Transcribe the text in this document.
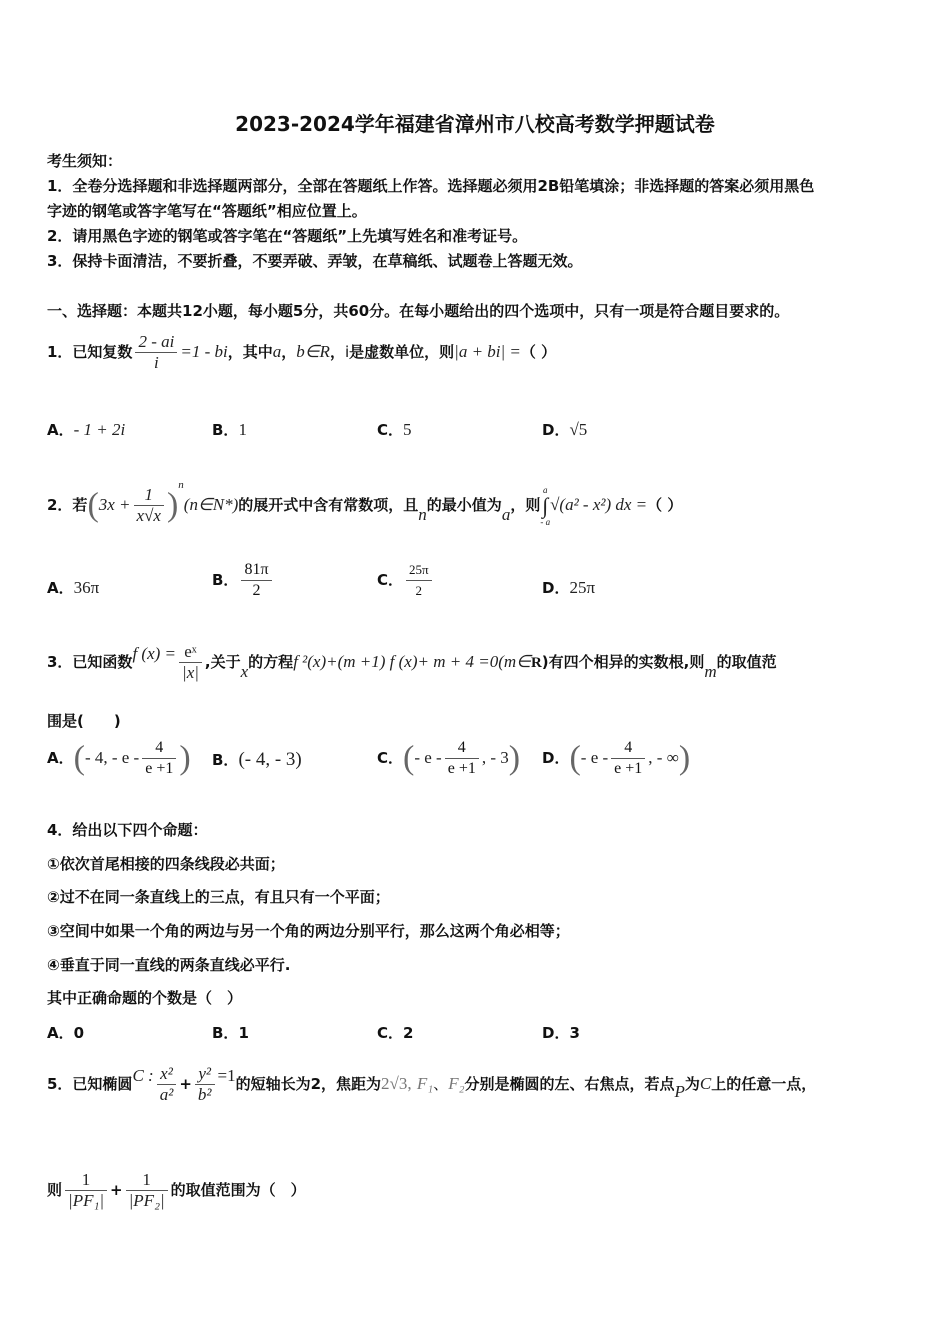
2023-2024学年福建省漳州市八校高考数学押题试卷
考生须知：
1．全卷分选择题和非选择题两部分，全部在答题纸上作答。选择题必须用2B铅笔填涂；非选择题的答案必须用黑色
字迹的钢笔或答字笔写在“答题纸”相应位置上。
2．请用黑色字迹的钢笔或答字笔在“答题纸”上先填写姓名和准考证号。
3．保持卡面清洁，不要折叠，不要弄破、弄皱，在草稿纸、试题卷上答题无效。
一、选择题：本题共12小题，每小题5分，共60分。在每小题给出的四个选项中，只有一项是符合题目要求的。
1．已知复数 $\frac{2 - ai}{i} =1$ - bi，其中a，b∈R，i是虚数单位，则|a + bi| =（ ）
A．- 1 + 2i	B．1	C．5	D．√5
2．若($3x + \frac{1}{x√x}$ )$^n(n\in N*)$的展开式中含有常数项，且n的最小值为a，则
a
∫
- a
√(a² - x²) dx =（ ）
A．36π	B． $\frac{81\pi}{2}$	C． $\frac{25\pi}{2}$	D．25π
3．已知函数f $(x) = \frac{\text{eˣ}}{|x|}$ ,关于x的方程f ²(x)+(m +1) f (x)+ m + 4 =0(m∈R)有四个相异的实数根,则m的取值范
围是(　　)
A．(- 4, - e - $\frac{4}{e +1}$ ) B．(- 4, - 3)	C．(- e - $\frac{4}{e +1}$ , - 3) D．(- e - $\frac{4}{e +1}$ , - ∞)
4．给出以下四个命题：
①依次首尾相接的四条线段必共面；
②过不在同一条直线上的三点，有且只有一个平面；
③空间中如果一个角的两边与另一个角的两边分别平行，那么这两个角必相等；
④垂直于同一直线的两条直线必平行.
其中正确命题的个数是（　）
A．0	B．1	C．2	D．3
5．已知椭圆C : $\frac{\text{x²}}{\text{a²}} + \frac{\text{y²}}{\text{b²}} =1$的短轴长为2，焦距为2√3, F₁、F₂分别是椭圆的左、右焦点，若点P为C上的任意一点，
则 $\frac{1}{\text{|PF₁|}} + \frac{1}{\text{|PF₂|}}$ 的取值范围为（　）
